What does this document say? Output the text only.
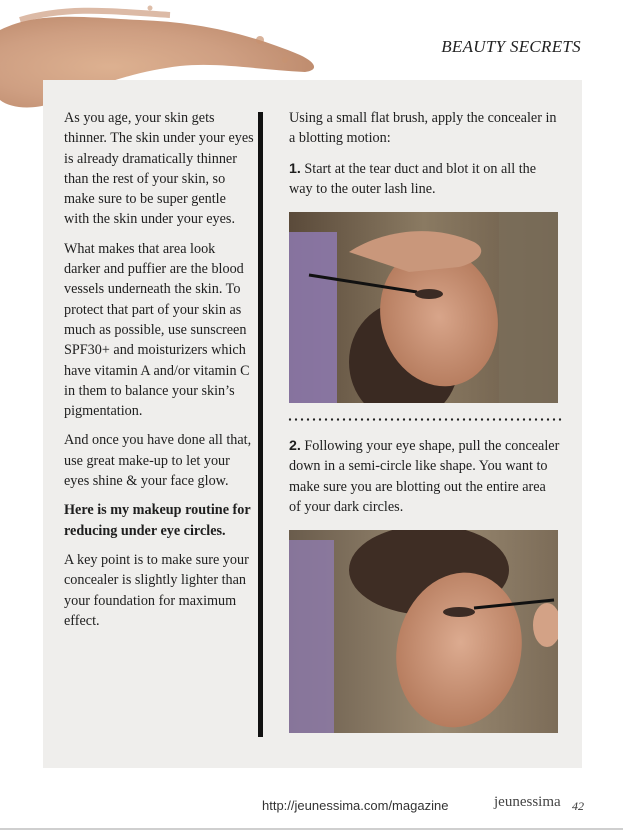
BEAUTY SECRETS

As you age, your skin gets thinner. The skin under your eyes is already dramatically thinner than the rest of your skin, so make sure to be super gentle with the skin under your eyes.

What makes that area look darker and puffier are the blood vessels underneath the skin. To protect that part of your skin as much as possible, use sunscreen SPF30+ and moisturizers which have vitamin A and/or vitamin C in them to balance your skin’s pigmentation.

And once you have done all that, use great make-up to let your eyes shine & your face glow.

Here is my makeup routine for reducing under eye circles.

A key point is to make sure your concealer is slightly lighter than your foundation for maximum effect.

Using a small flat brush, apply the concealer in a blotting motion:

1. Start at the tear duct and blot it on all the way to the outer lash line.

2. Following your eye shape, pull the concealer down in a semi-circle like shape. You want to make sure you are blotting out the entire area of your dark circles.

http://jeunessima.com/magazine	jeunessima 42
